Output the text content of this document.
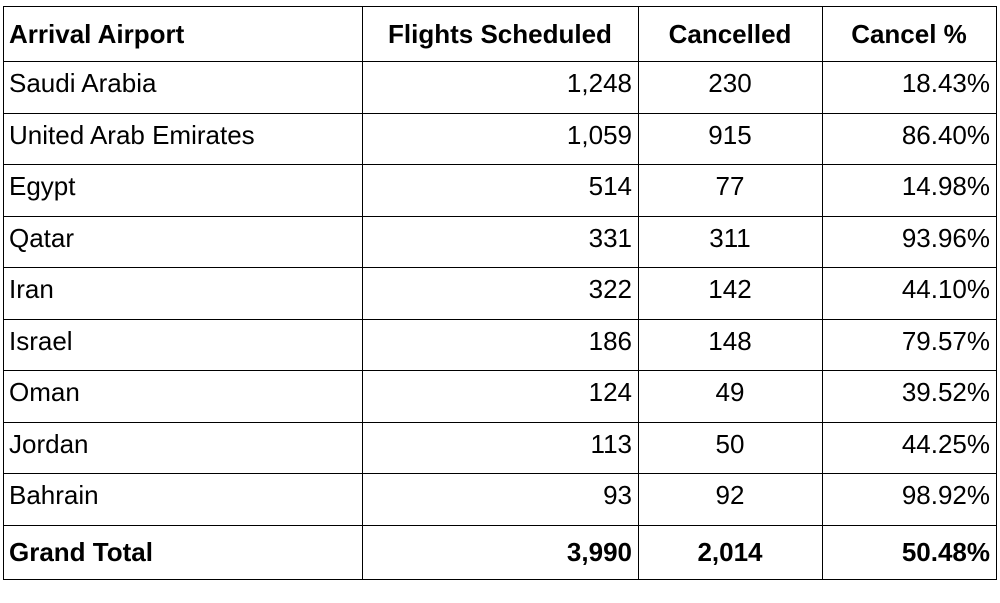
Arrival Airport	Flights Scheduled	Cancelled	Cancel %
Saudi Arabia	1,248	230	18.43%
United Arab Emirates	1,059	915	86.40%
Egypt	514	77	14.98%
Qatar	331	311	93.96%
Iran	322	142	44.10%
Israel	186	148	79.57%
Oman	124	49	39.52%
Jordan	113	50	44.25%
Bahrain	93	92	98.92%
Grand Total	3,990	2,014	50.48%
